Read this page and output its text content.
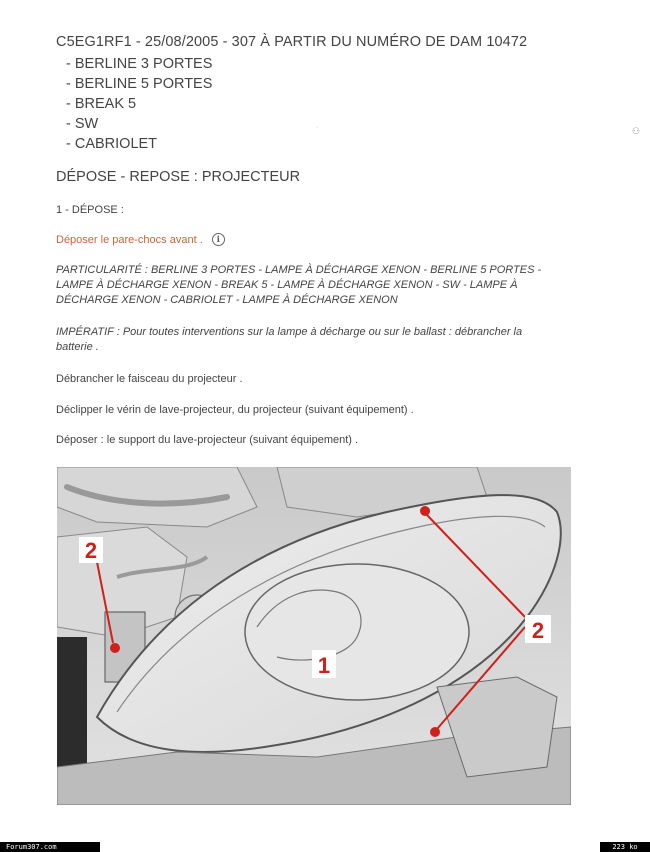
C5EG1RF1 - 25/08/2005 - 307 À PARTIR DU NUMÉRO DE DAM 10472
- BERLINE 3 PORTES
- BERLINE 5 PORTES
- BREAK 5
- SW
- CABRIOLET
·	⚇
DÉPOSE - REPOSE : PROJECTEUR
1 - DÉPOSE :
Déposer le pare-chocs avant . i
PARTICULARITÉ : BERLINE 3 PORTES - LAMPE À DÉCHARGE XENON - BERLINE 5 PORTES -
LAMPE À DÉCHARGE XENON - BREAK 5 - LAMPE À DÉCHARGE XENON - SW - LAMPE À
DÉCHARGE XENON - CABRIOLET - LAMPE À DÉCHARGE XENON
IMPÉRATIF : Pour toutes interventions sur la lampe à décharge ou sur le ballast : débrancher la
batterie .
Débrancher le faisceau du projecteur .
Déclipper le vérin de lave-projecteur, du projecteur (suivant équipement) .
Déposer : le support du lave-projecteur (suivant équipement) .
2
1
2
Forum307.com	223 ko
